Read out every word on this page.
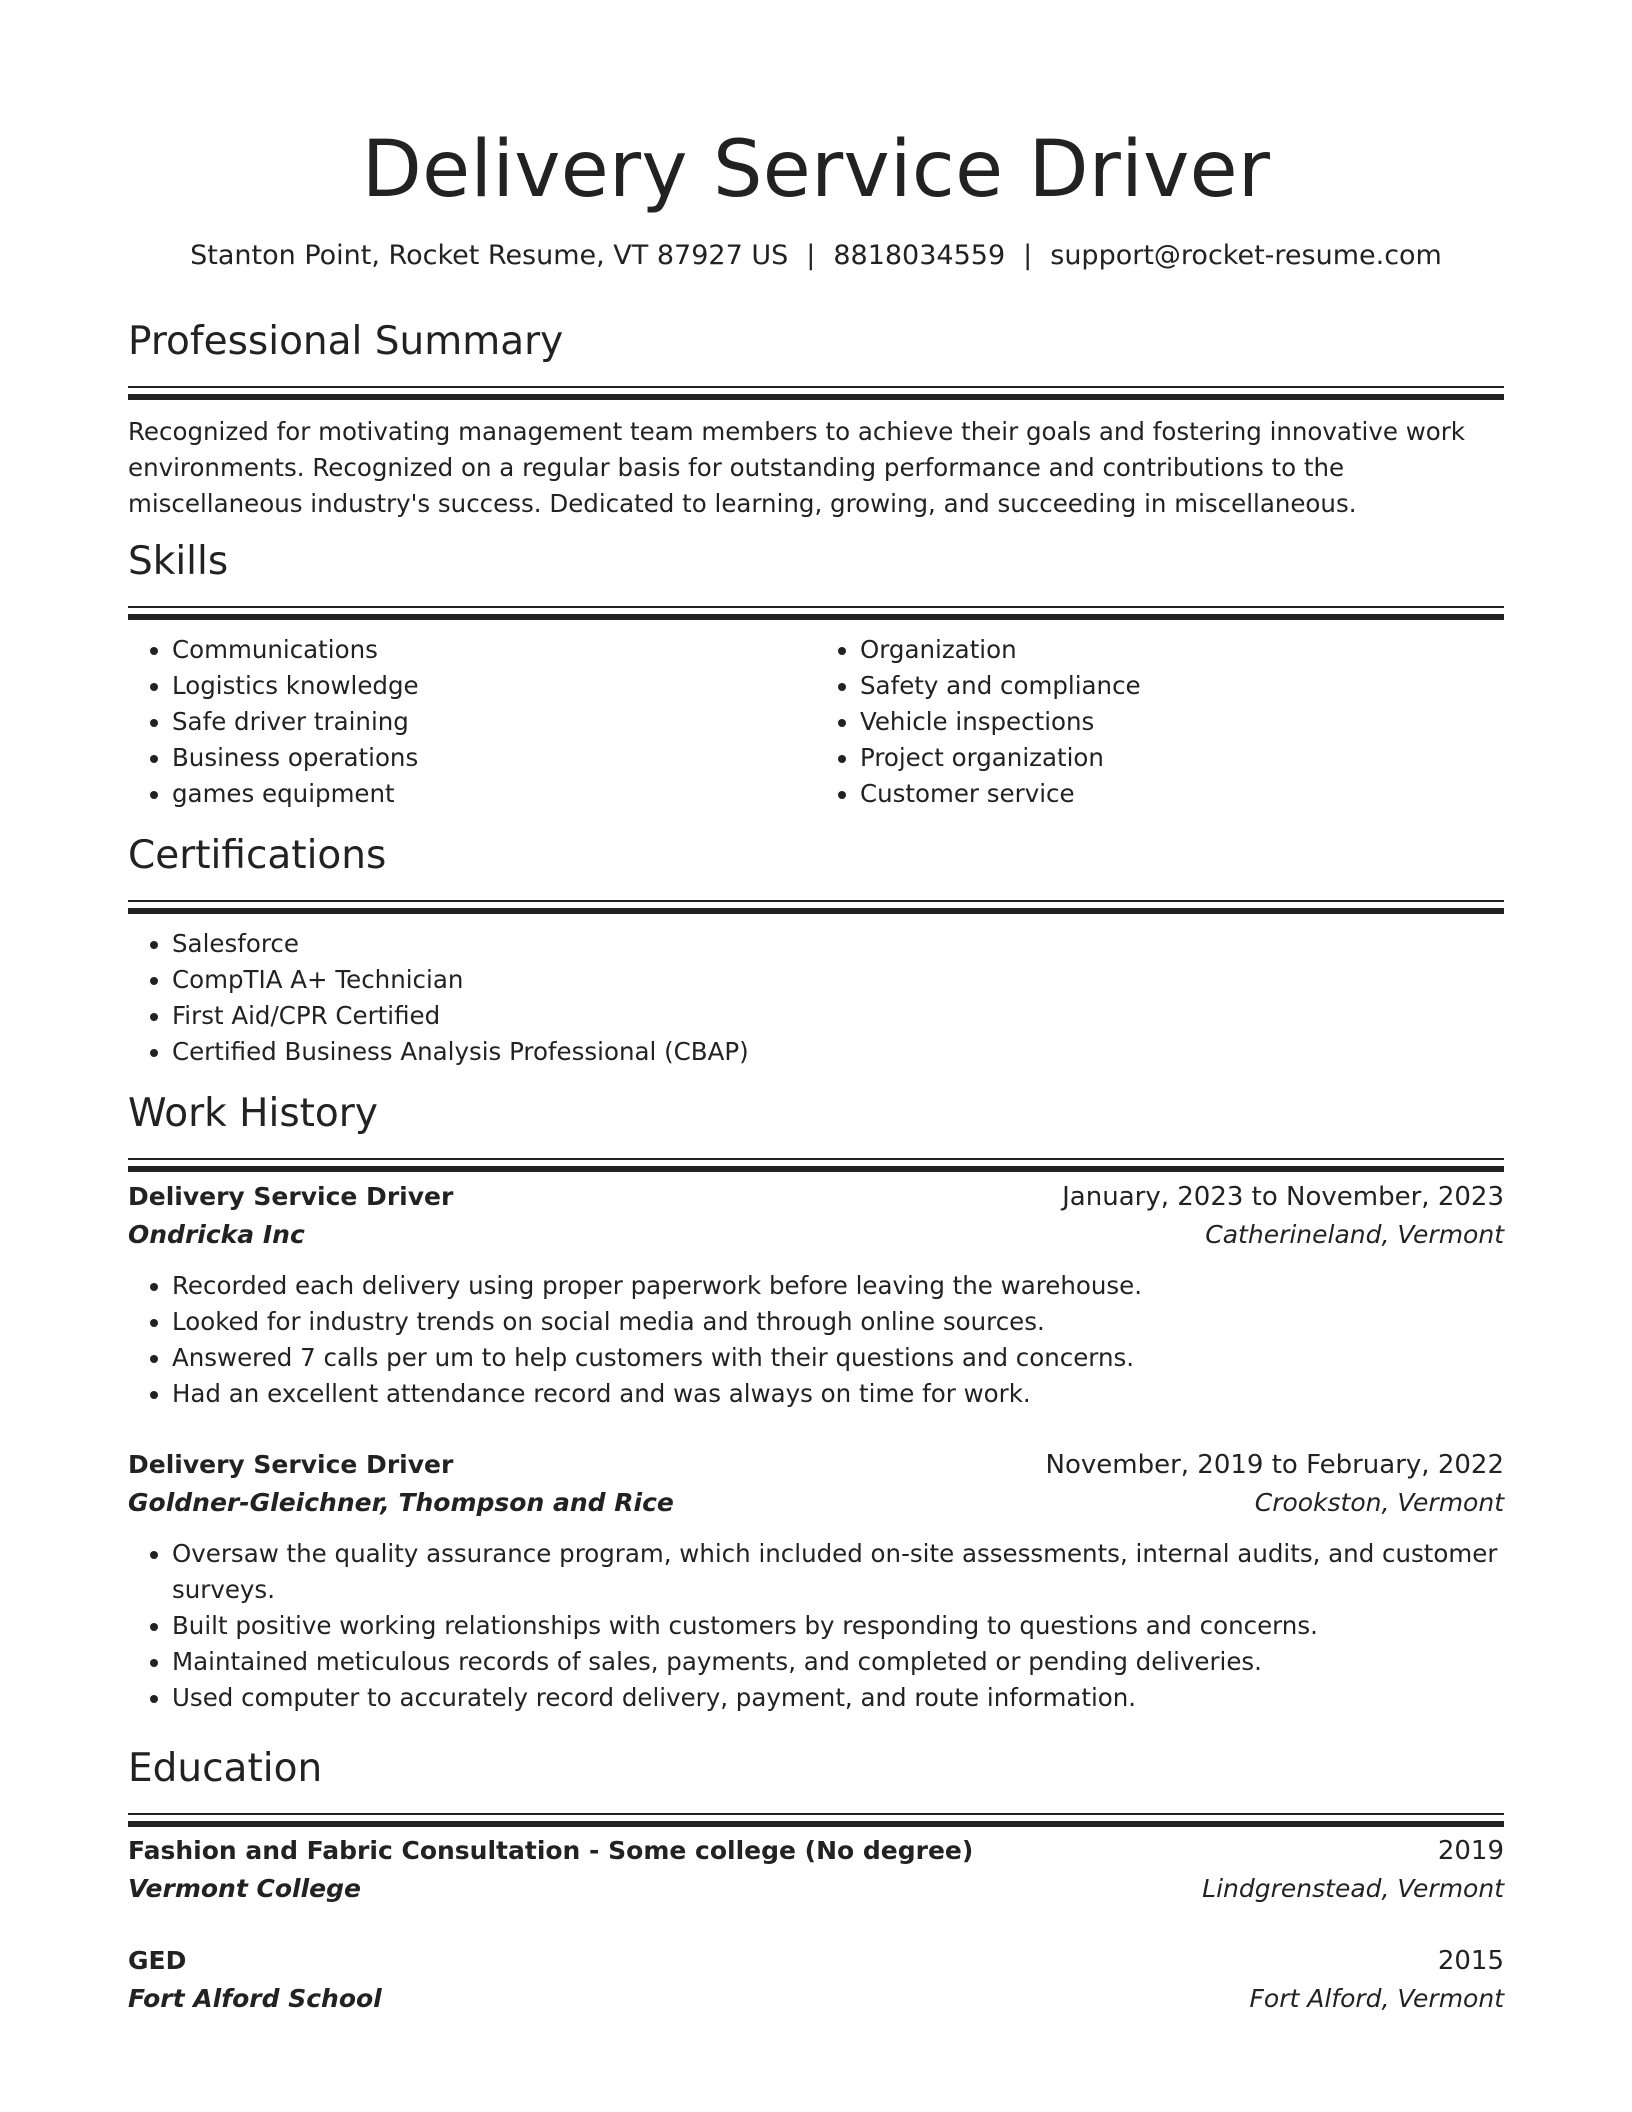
Delivery Service Driver
Stanton Point, Rocket Resume, VT 87927 US | 8818034559 | support@rocket-resume.com
Professional Summary

Recognized for motivating management team members to achieve their goals and fostering innovative work environments. Recognized on a regular basis for outstanding performance and contributions to the miscellaneous industry's success. Dedicated to learning, growing, and succeeding in miscellaneous.

Skills
• Communications
• Logistics knowledge
• Safe driver training
• Business operations
• games equipment
• Organization
• Safety and compliance
• Vehicle inspections
• Project organization
• Customer service
Certifications
• Salesforce
• CompTIA A+ Technician
• First Aid/CPR Certified
• Certified Business Analysis Professional (CBAP)
Work History
Delivery Service Driver	January, 2023 to November, 2023
Ondricka Inc	Catherineland, Vermont
• Recorded each delivery using proper paperwork before leaving the warehouse.
• Looked for industry trends on social media and through online sources.
• Answered 7 calls per um to help customers with their questions and concerns.
• Had an excellent attendance record and was always on time for work.
Delivery Service Driver	November, 2019 to February, 2022
Goldner-Gleichner, Thompson and Rice	Crookston, Vermont
• Oversaw the quality assurance program, which included on-site assessments, internal audits, and customer surveys.
• Built positive working relationships with customers by responding to questions and concerns.
• Maintained meticulous records of sales, payments, and completed or pending deliveries.
• Used computer to accurately record delivery, payment, and route information.
Education
Fashion and Fabric Consultation - Some college (No degree)	2019
Vermont College	Lindgrenstead, Vermont
GED	2015
Fort Alford School	Fort Alford, Vermont
